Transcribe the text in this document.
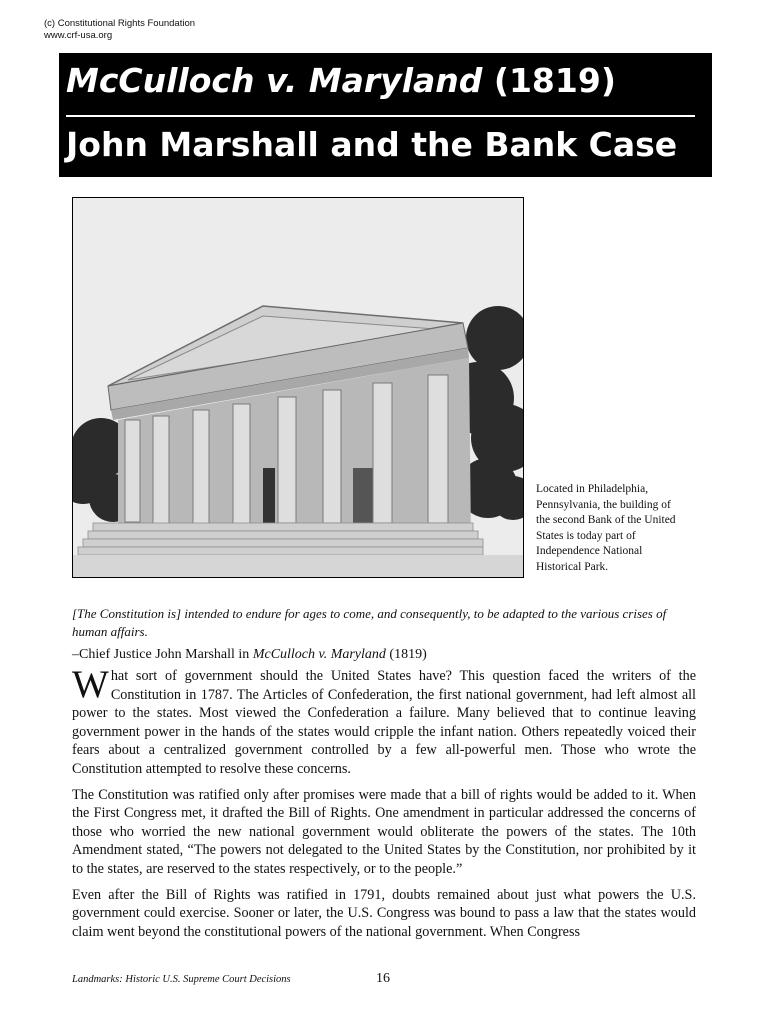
(c) Constitutional Rights Foundation
www.crf-usa.org
McCulloch v. Maryland (1819)
John Marshall and the Bank Case
Located in Philadelphia, Pennsylvania, the building of the second Bank of the United States is today part of Independence National Historical Park.
[The Constitution is] intended to endure for ages to come, and consequently, to be adapted to the various crises of human affairs.
–Chief Justice John Marshall in McCulloch v. Maryland (1819)

What sort of government should the United States have? This question faced the writers of the Constitution in 1787. The Articles of Confederation, the first national government, had left almost all power to the states. Most viewed the Confederation a failure. Many believed that to continue leaving government power in the hands of the states would cripple the infant nation. Others repeatedly voiced their fears about a centralized government controlled by a few all-powerful men. Those who wrote the Constitution attempted to resolve these concerns.

The Constitution was ratified only after promises were made that a bill of rights would be added to it. When the First Congress met, it drafted the Bill of Rights. One amendment in particular addressed the concerns of those who worried the new national government would obliterate the powers of the states. The 10th Amendment stated, “The powers not delegated to the United States by the Constitution, nor prohibited by it to the states, are reserved to the states respectively, or to the people.”

Even after the Bill of Rights was ratified in 1791, doubts remained about just what powers the U.S. government could exercise. Sooner or later, the U.S. Congress was bound to pass a law that the states would claim went beyond the constitutional powers of the national government. When Congress

Landmarks: Historic U.S. Supreme Court Decisions	16
